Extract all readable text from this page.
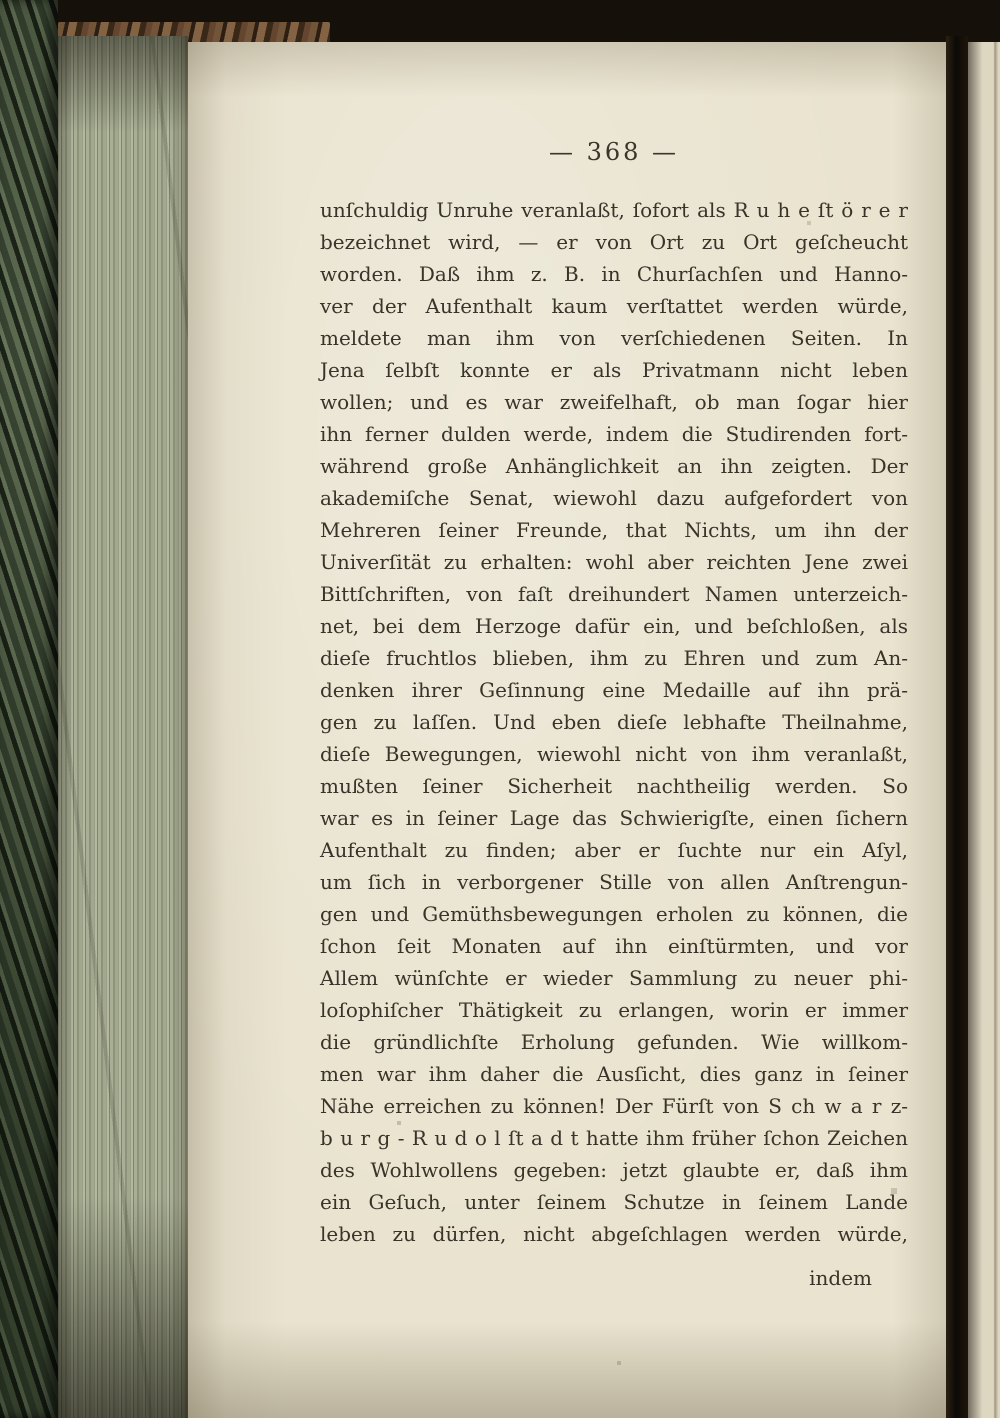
— 368 —
unſchuldig Unruhe veranlaßt, ſofort als R u h e ſt ö r e r
bezeichnet wird, — er von Ort zu Ort geſcheucht
worden. Daß ihm z. B. in Churſachſen und Hanno-
ver der Aufenthalt kaum verſtattet werden würde,
meldete man ihm von verſchiedenen Seiten. In
Jena ſelbſt konnte er als Privatmann nicht leben
wollen; und es war zweifelhaft, ob man ſogar hier
ihn ferner dulden werde, indem die Studirenden fort-
während große Anhänglichkeit an ihn zeigten. Der
akademiſche Senat, wiewohl dazu aufgefordert von
Mehreren ſeiner Freunde, that Nichts, um ihn der
Univerſität zu erhalten: wohl aber reichten Jene zwei
Bittſchriften, von faſt dreihundert Namen unterzeich-
net, bei dem Herzoge dafür ein, und beſchloßen, als
dieſe fruchtlos blieben, ihm zu Ehren und zum An-
denken ihrer Geſinnung eine Medaille auf ihn prä-
gen zu laſſen. Und eben dieſe lebhafte Theilnahme,
dieſe Bewegungen, wiewohl nicht von ihm veranlaßt,
mußten ſeiner Sicherheit nachtheilig werden. So
war es in ſeiner Lage das Schwierigſte, einen ſichern
Aufenthalt zu finden; aber er ſuchte nur ein Aſyl,
um ſich in verborgener Stille von allen Anſtrengun-
gen und Gemüthsbewegungen erholen zu können, die
ſchon ſeit Monaten auf ihn einſtürmten, und vor
Allem wünſchte er wieder Sammlung zu neuer phi-
loſophiſcher Thätigkeit zu erlangen, worin er immer
die gründlichſte Erholung gefunden. Wie willkom-
men war ihm daher die Ausſicht, dies ganz in ſeiner
Nähe erreichen zu können! Der Fürſt von S ch w a r z-
b u r g - R u d o l ſt a d t hatte ihm früher ſchon Zeichen
des Wohlwollens gegeben: jetzt glaubte er, daß ihm
ein Geſuch, unter ſeinem Schutze in ſeinem Lande
leben zu dürfen, nicht abgeſchlagen werden würde,
indem
